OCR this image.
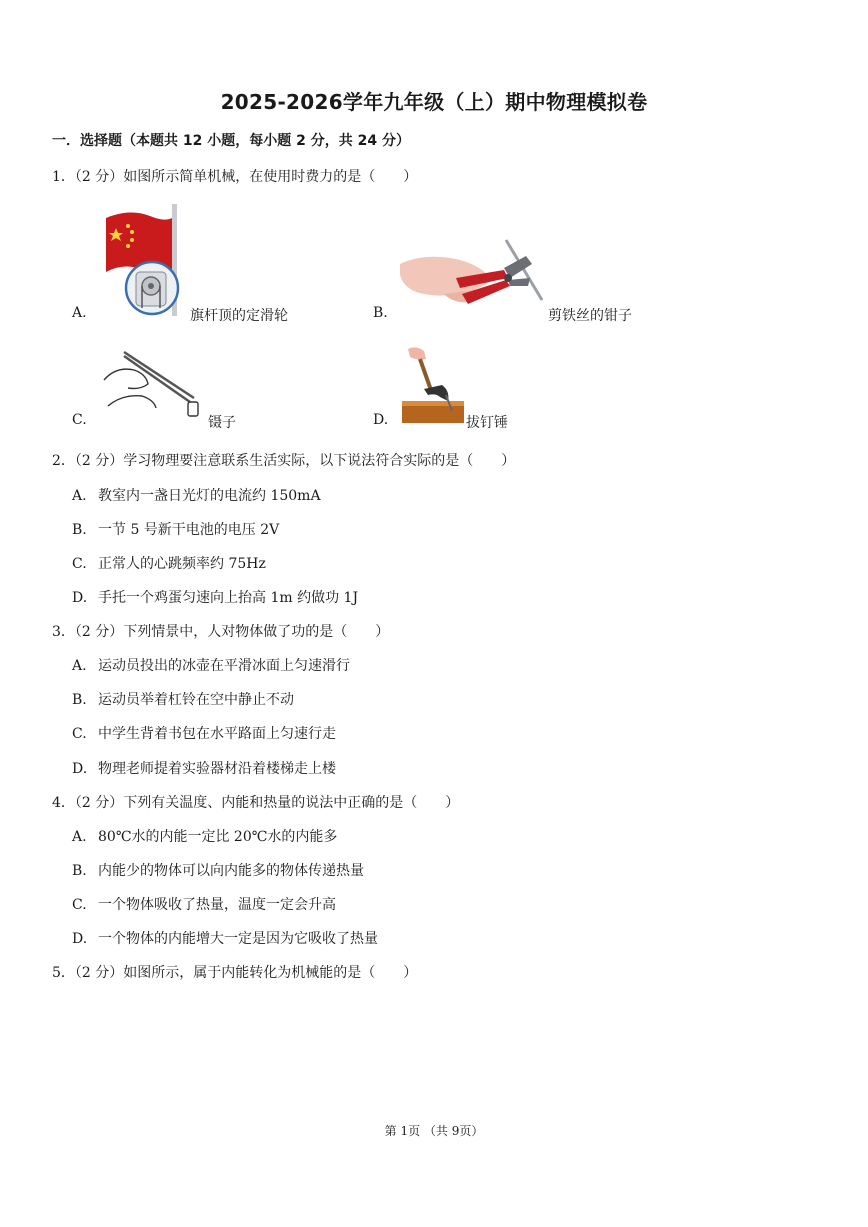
2025-2026学年九年级（上）期中物理模拟卷
一．选择题（本题共 12 小题，每小题 2 分，共 24 分）
1．（2 分）如图所示简单机械，在使用时费力的是（　　）
A.	旗杆顶的定滑轮	B.	剪铁丝的钳子
C.	镊子	D.	拔钉锤
2．（2 分）学习物理要注意联系生活实际，以下说法符合实际的是（　　）
A. 教室内一盏日光灯的电流约 150mA
B. 一节 5 号新干电池的电压 2V
C. 正常人的心跳频率约 75Hz
D. 手托一个鸡蛋匀速向上抬高 1m 约做功 1J
3．（2 分）下列情景中，人对物体做了功的是（　　）
A. 运动员投出的冰壶在平滑冰面上匀速滑行
B. 运动员举着杠铃在空中静止不动
C. 中学生背着书包在水平路面上匀速行走
D. 物理老师提着实验器材沿着楼梯走上楼
4．（2 分）下列有关温度、内能和热量的说法中正确的是（　　）
A. 80℃水的内能一定比 20℃水的内能多
B. 内能少的物体可以向内能多的物体传递热量
C. 一个物体吸收了热量，温度一定会升高
D. 一个物体的内能增大一定是因为它吸收了热量
5．（2 分）如图所示，属于内能转化为机械能的是（　　）
第 1页 （共 9页）
